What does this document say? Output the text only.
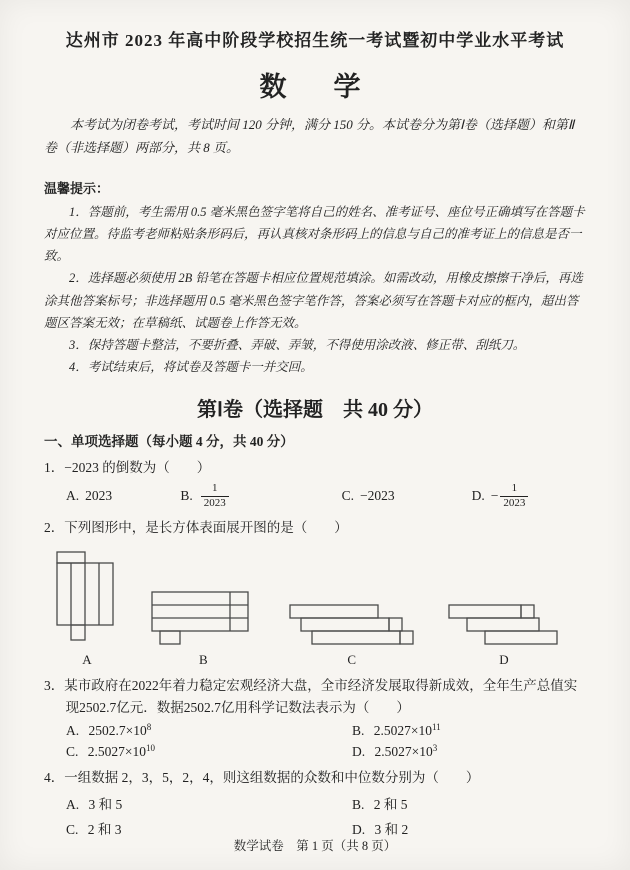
达州市 2023 年高中阶段学校招生统一考试暨初中学业水平考试
数　学

本考试为闭卷考试，考试时间 120 分钟，满分 150 分。本试卷分为第Ⅰ卷（选择题）和第Ⅱ卷（非选择题）两部分，共 8 页。

温馨提示：

1．答题前，考生需用 0.5 毫米黑色签字笔将自己的姓名、准考证号、座位号正确填写在答题卡对应位置。待监考老师粘贴条形码后，再认真核对条形码上的信息与自己的准考证上的信息是否一致。

2．选择题必须使用 2B 铅笔在答题卡相应位置规范填涂。如需改动，用橡皮擦擦干净后，再选涂其他答案标号；非选择题用 0.5 毫米黑色签字笔作答，答案必须写在答题卡对应的框内，超出答题区答案无效；在草稿纸、试题卷上作答无效。

3．保持答题卡整洁，不要折叠、弄破、弄皱，不得使用涂改液、修正带、刮纸刀。

4．考试结束后，将试卷及答题卡一并交回。

第Ⅰ卷（选择题　共 40 分）
一、单项选择题（每小题 4 分，共 40 分）

1．−2023 的倒数为（　　）

A. 2023	B. $\frac{1}{2023}$	C. −2023	D. − $\frac{1}{2023}$

2．下列图形中，是长方体表面展开图的是（　　）

A	B	C	D

3．某市政府在2022年着力稳定宏观经济大盘，全市经济发展取得新成效，全年生产总值实现2502.7亿元．数据2502.7亿用科学记数法表示为（　　）

A. $2502.7\times 10^8$	B. $2.5027\times 10^{11}$
C. $2.5027\times 10^{10}$	D. $2.5027\times 10^3$

4．一组数据 2，3，5，2，4，则这组数据的众数和中位数分别为（　　）

A. 3 和 5	B. 2 和 5
C. 2 和 3	D. 3 和 2
数学试卷　第 1 页（共 8 页）
